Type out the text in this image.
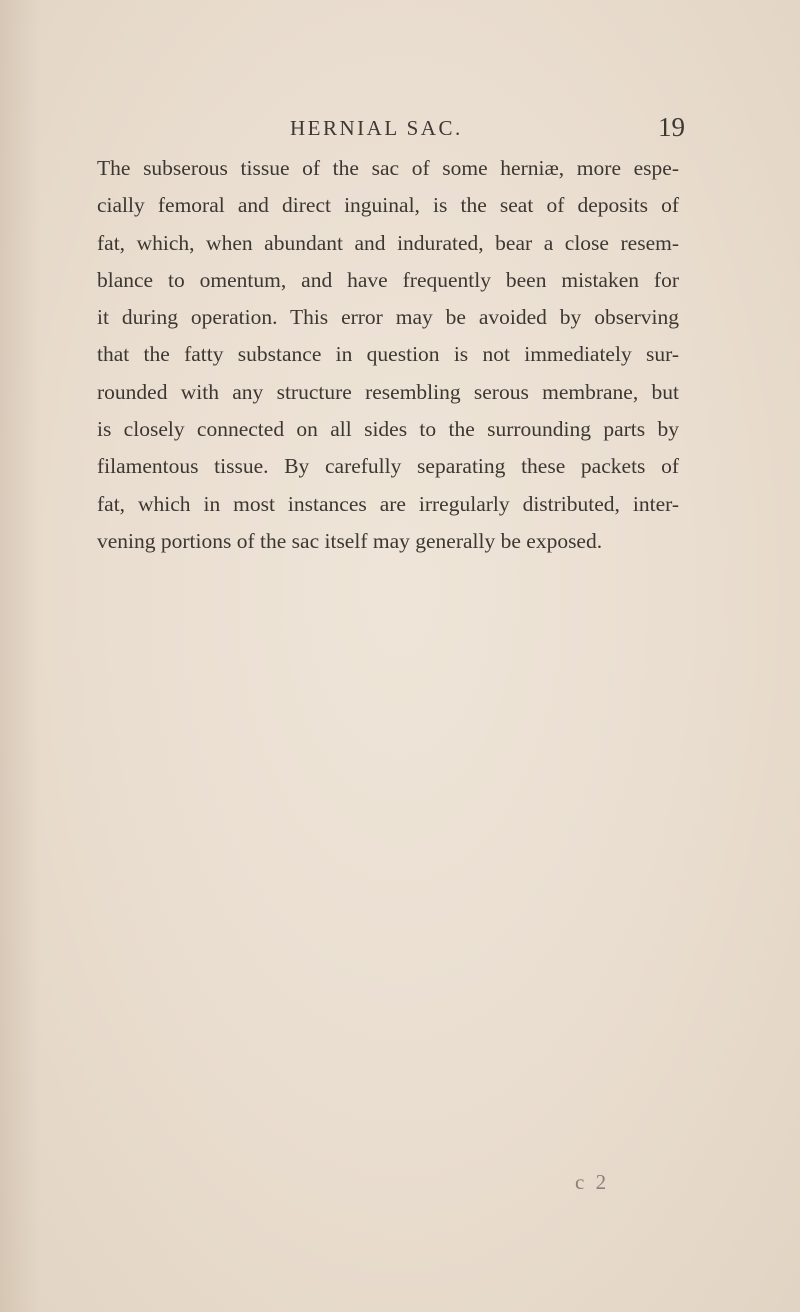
HERNIAL SAC.	19
The subserous tissue of the sac of some herniæ, more espe-
cially femoral and direct inguinal, is the seat of deposits of
fat, which, when abundant and indurated, bear a close resem-
blance to omentum, and have frequently been mistaken for
it during operation. This error may be avoided by observing
that the fatty substance in question is not immediately sur-
rounded with any structure resembling serous membrane, but
is closely connected on all sides to the surrounding parts by
filamentous tissue. By carefully separating these packets of
fat, which in most instances are irregularly distributed, inter-
vening portions of the sac itself may generally be exposed.
c 2
